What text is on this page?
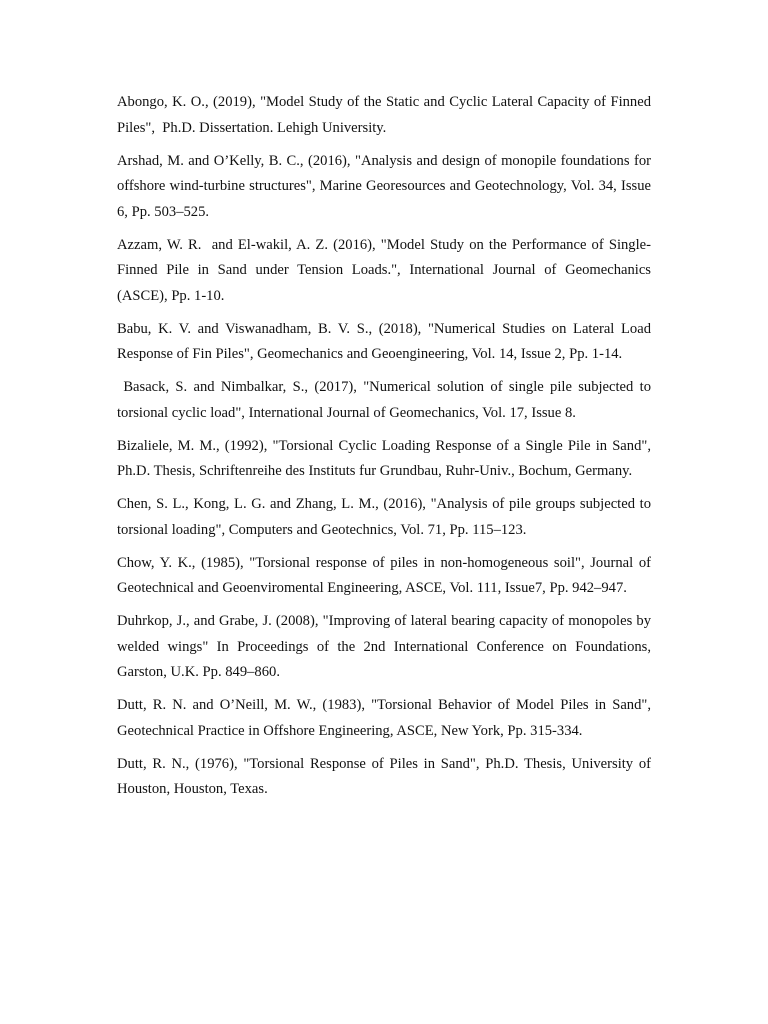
Abongo, K. O., (2019), "Model Study of the Static and Cyclic Lateral Capacity of Finned Piles",  Ph.D. Dissertation. Lehigh University.

Arshad, M. and O’Kelly, B. C., (2016), "Analysis and design of monopile foundations for offshore wind-turbine structures", Marine Georesources and Geotechnology, Vol. 34, Issue 6, Pp. 503–525.

Azzam, W. R.  and El-wakil, A. Z. (2016), "Model Study on the Performance of Single-Finned Pile in Sand under Tension Loads.", International Journal of Geomechanics (ASCE), Pp. 1-10.

Babu, K. V. and Viswanadham, B. V. S., (2018), "Numerical Studies on Lateral Load Response of Fin Piles", Geomechanics and Geoengineering, Vol. 14, Issue 2, Pp. 1-14.

Basack, S. and Nimbalkar, S., (2017), "Numerical solution of single pile subjected to torsional cyclic load", International Journal of Geomechanics, Vol. 17, Issue 8.

Bizaliele, M. M., (1992), "Torsional Cyclic Loading Response of a Single Pile in Sand", Ph.D. Thesis, Schriftenreihe des Instituts fur Grundbau, Ruhr-Univ., Bochum, Germany.

Chen, S. L., Kong, L. G. and Zhang, L. M., (2016), "Analysis of pile groups subjected to torsional loading", Computers and Geotechnics, Vol. 71, Pp. 115–123.

Chow, Y. K., (1985), "Torsional response of piles in non-homogeneous soil", Journal of Geotechnical and Geoenviromental Engineering, ASCE, Vol. 111, Issue7, Pp. 942–947.

Duhrkop, J., and Grabe, J. (2008), "Improving of lateral bearing capacity of monopoles by welded wings" In Proceedings of the 2nd International Conference on Foundations, Garston, U.K. Pp. 849–860.

Dutt, R. N. and O’Neill, M. W., (1983), "Torsional Behavior of Model Piles in Sand", Geotechnical Practice in Offshore Engineering, ASCE, New York, Pp. 315-334.

Dutt, R. N., (1976), "Torsional Response of Piles in Sand", Ph.D. Thesis, University of Houston, Houston, Texas.
